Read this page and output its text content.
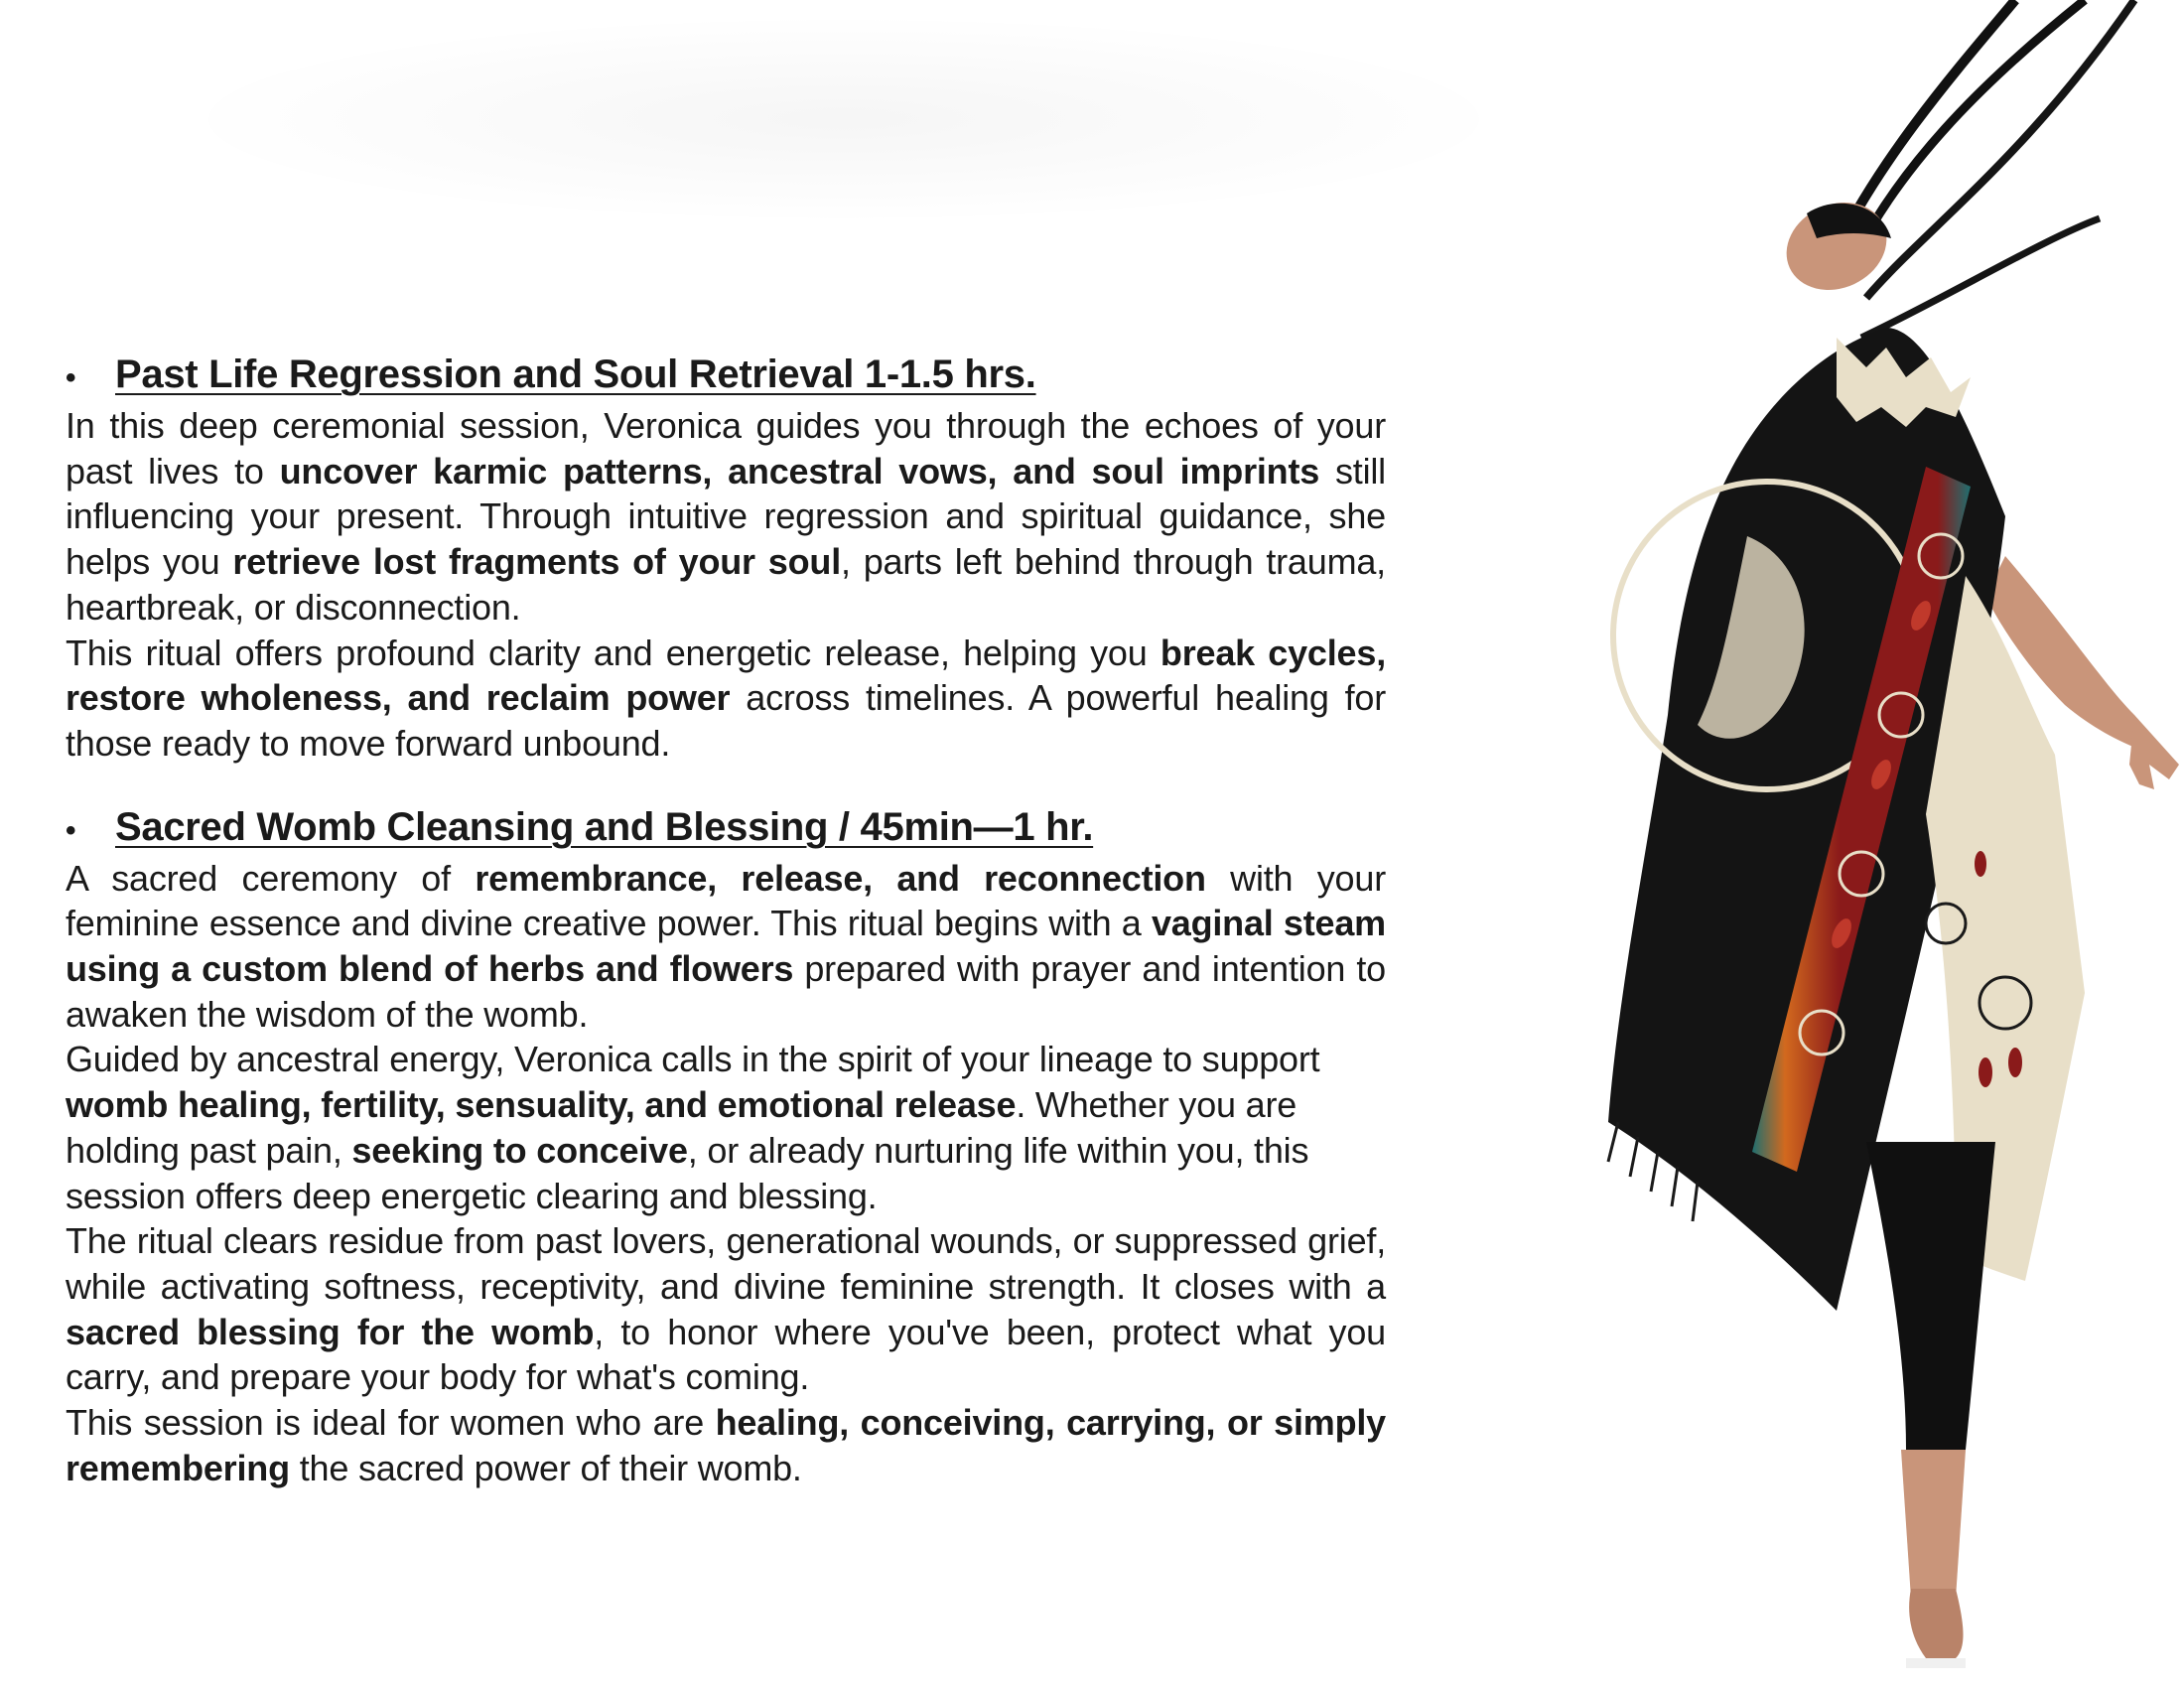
• Past Life Regression and Soul Retrieval 1-1.5 hrs.

In this deep ceremonial session, Veronica guides you through the echoes of your past lives to uncover karmic patterns, ancestral vows, and soul imprints still influencing your present. Through intuitive regression and spiritual guidance, she helps you retrieve lost fragments of your soul, parts left behind through trauma, heartbreak, or disconnection.

This ritual offers profound clarity and energetic release, helping you break cycles, restore wholeness, and reclaim power across timelines. A powerful healing for those ready to move forward unbound.

• Sacred Womb Cleansing and Blessing / 45min—1 hr.

A sacred ceremony of remembrance, release, and reconnection with your feminine essence and divine creative power. This ritual begins with a vaginal steam using a custom blend of herbs and flowers prepared with prayer and intention to awaken the wisdom of the womb.

Guided by ancestral energy, Veronica calls in the spirit of your lineage to support womb healing, fertility, sensuality, and emotional release. Whether you are holding past pain, seeking to conceive, or already nurturing life within you, this session offers deep energetic clearing and blessing.

The ritual clears residue from past lovers, generational wounds, or suppressed grief, while activating softness, receptivity, and divine feminine strength. It closes with a sacred blessing for the womb, to honor where you've been, protect what you carry, and prepare your body for what's coming.

This session is ideal for women who are healing, conceiving, carrying, or simply remembering the sacred power of their womb.
